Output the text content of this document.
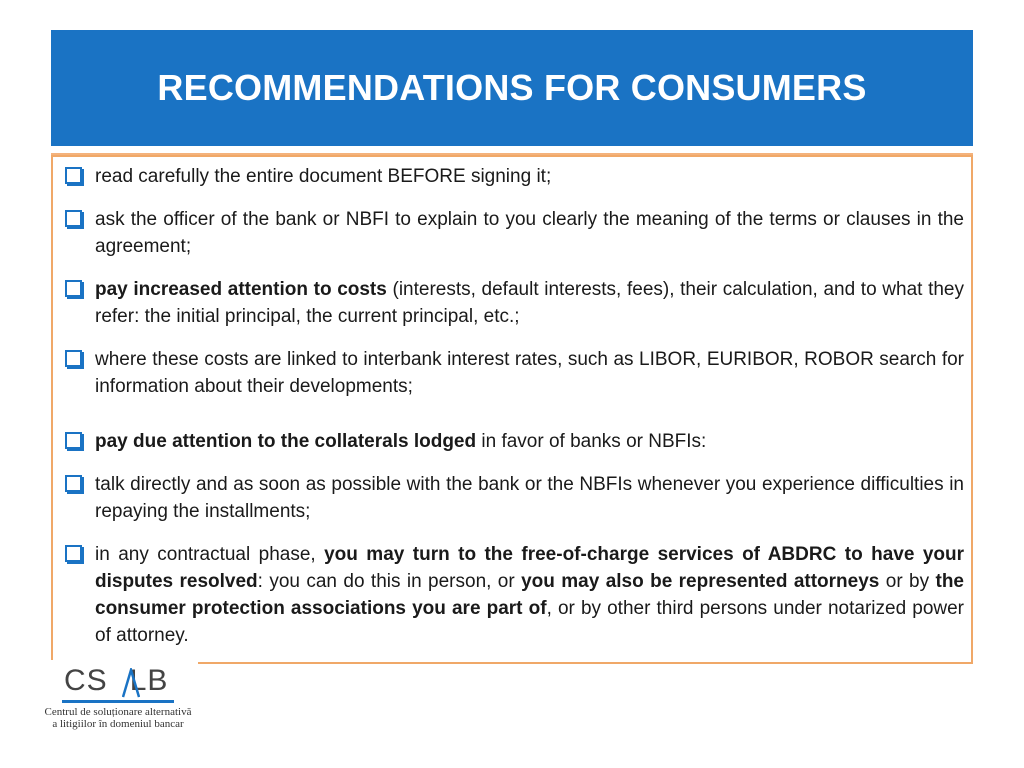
RECOMMENDATIONS FOR CONSUMERS
read carefully the entire document BEFORE signing it;
ask the officer of the bank or NBFI to explain to you clearly the meaning of the terms or clauses in the agreement;
pay increased attention to costs (interests, default interests, fees), their calculation, and to what they refer: the initial principal, the current principal, etc.;
where these costs are linked to interbank interest rates, such as LIBOR, EURIBOR, ROBOR search for information about their developments;
pay due attention to the collaterals lodged in favor of banks or NBFIs:
talk directly and as soon as possible with the bank or the NBFIs whenever you experience difficulties in repaying the installments;
in any contractual phase, you may turn to the free-of-charge services of ABDRC to have your disputes resolved: you can do this in person, or you may also be represented attorneys or by the consumer protection associations you are part of, or by other third persons under notarized power of attorney.
CS LB
Centrul de soluționare alternativă
a litigiilor în domeniul bancar
